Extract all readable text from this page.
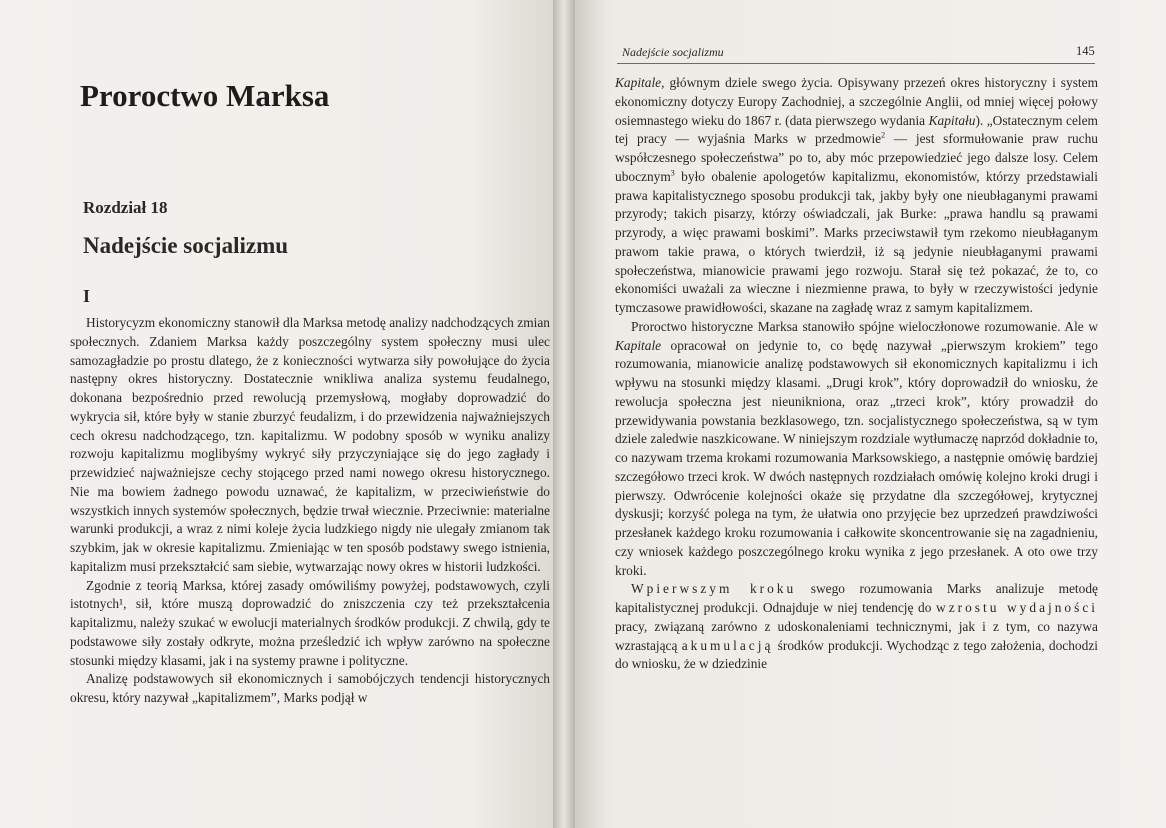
Proroctwo Marksa
Rozdział 18
Nadejście socjalizmu
I

Historycyzm ekonomiczny stanowił dla Marksa metodę analizy nadchodzących zmian społecznych. Zdaniem Marksa każdy poszczególny system społeczny musi ulec samozagładzie po prostu dlatego, że z konieczności wytwarza siły powołujące do życia następny okres historyczny. Dostateczniе wnikliwa analiza systemu feudalnego, dokonana bezpośrednio przed rewolucją przemysłową, mogłaby doprowadzić do wykrycia sił, które były w stanie zburzyć feudalizm, i do przewidzenia najważniejszych cech okresu nadchodzącego, tzn. kapitalizmu. W podobny sposób w wyniku analizy rozwoju kapitalizmu moglibyśmy wykryć siły przyczyniające się do jego zagłady i przewidzieć najważniejsze cechy stojącego przed nami nowego okresu historycznego. Nie ma bowiem żadnego powodu uznawać, że kapitalizm, w przeciwieństwie do wszystkich innych systemów społecznych, będzie trwał wiecznie. Przeciwnie: materialne warunki produkcji, a wraz z nimi koleje życia ludzkiego nigdy nie ulegały zmianom tak szybkim, jak w okresie kapitalizmu. Zmieniając w ten sposób podstawy swego istnienia, kapitalizm musi przekształcić sam siebie, wytwarzając nowy okres w historii ludzkości.

Zgodnie z teorią Marksa, której zasady omówiliśmy powyżej, podstawowych, czyli istotnych¹, sił, które muszą doprowadzić do zniszczenia czy też przekształcenia kapitalizmu, należy szukać w ewolucji materialnych środków produkcji. Z chwilą, gdy te podstawowe siły zostały odkryte, można prześledzić ich wpływ zarówno na społeczne stosunki między klasami, jak i na systemy prawne i polityczne.

Analizę podstawowych sił ekonomicznych i samobójczych tendencji historycznych okresu, który nazywał „kapitalizmem”, Marks podjął w

Nadejście socjalizmu	145

Kapitale, głównym dziele swego życia. Opisywany przezeń okres historyczny i system ekonomiczny dotyczy Europy Zachodniej, a szczególnie Anglii, od mniej więcej połowy osiemnastego wieku do 1867 r. (data pierwszego wydania Kapitału). „Ostatecznym celem tej pracy — wyjaśnia Marks w przedmowie$^2$ — jest sformułowanie praw ruchu współczesnego społeczeństwa” po to, aby móc przepowiedzieć jego dalsze losy. Celem ubocznym$^3$ było obalenie apologetów kapitalizmu, ekonomistów, którzy przedstawiali prawa kapitalistycznego sposobu produkcji tak, jakby były one nieubłaganymi prawami przyrody; takich pisarzy, którzy oświadczali, jak Burke: „prawa handlu są prawami przyrody, a więc prawami boskimi”. Marks przeciwstawił tym rzekomo nieubłaganym prawom takie prawa, o których twierdził, iż są jedynie nieubłaganymi prawami społeczeństwa, mianowicie prawami jego rozwoju. Starał się też pokazać, że to, co ekonomiści uważali za wieczne i niezmienne prawa, to były w rzeczywistości jedynie tymczasowe prawidłowości, skazane na zagładę wraz z samym kapitalizmem.

Proroctwo historyczne Marksa stanowiło spójne wieloczłonowe rozumowanie. Ale w Kapitale opracował on jedynie to, co będę nazywał „pierwszym krokiem” tego rozumowania, mianowicie analizę podstawowych sił ekonomicznych kapitalizmu i ich wpływu na stosunki między klasami. „Drugi krok”, który doprowadził do wniosku, że rewolucja społeczna jest nieunikniona, oraz „trzeci krok”, który prowadził do przewidywania powstania bezklasowego, tzn. socjalistycznego społeczeństwa, są w tym dziele zaledwie naszkicowane. W niniejszym rozdziale wytłumaczę naprzód dokładnie to, co nazywam trzema krokami rozumowania Marksowskiego, a następnie omówię bardziej szczegółowo trzeci krok. W dwóch następnych rozdziałach omówię kolejno kroki drugi i pierwszy. Odwrócenie kolejności okaże się przydatne dla szczegółowej, krytycznej dyskusji; korzyść polega na tym, że ułatwia ono przyjęcie bez uprzedzeń prawdziwości przesłanek każdego kroku rozumowania i całkowite skoncentrowanie się na zagadnieniu, czy wniosek każdego poszczególnego kroku wynika z jego przesłanek. A oto owe trzy kroki.

Wpierwszym kroku swego rozumowania Marks analizuje metodę kapitalistycznej produkcji. Odnajduje w niej tendencję do wzrostu wydajności pracy, związaną zarówno z udoskonaleniami technicznymi, jak i z tym, co nazywa wzrastającą akumulacją środków produkcji. Wychodząc z tego założenia, dochodzi do wniosku, że w dziedzinie
